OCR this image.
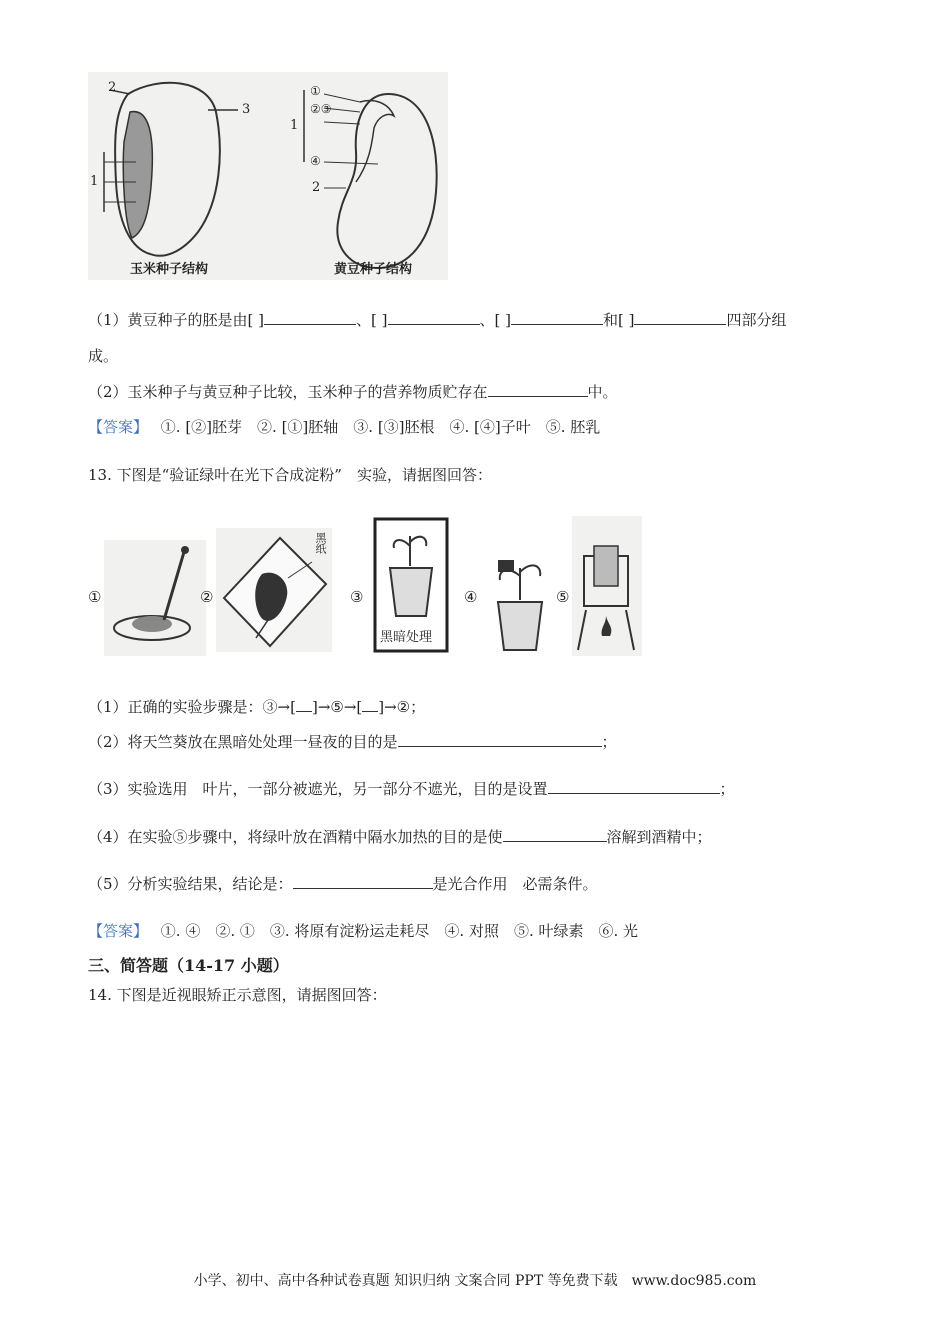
2
3
1
①
②③
1
④
2
玉米种子结构	黄豆种子结构
（1）黄豆种子的胚是由[ ]	、[ ]	、[ ]	和[ ]	四部分组
成。
（2）玉米种子与黄豆种子比较，玉米种子的营养物质贮存在	中。
【答案】 ①. [②]胚芽　②. [①]胚轴　③. [③]胚根　④. [④]子叶　⑤. 胚乳
13. 下图是“验证绿叶在光下合成淀粉”　实验，请据图回答：
①	②
黑纸
③
黑暗处理
④	⑤
（1）正确的实验步骤是：③→[ ]→⑤→[ ]→②；
（2）将天竺葵放在黑暗处处理一昼夜的目的是	；
（3）实验选用　叶片，一部分被遮光，另一部分不遮光，目的是设置	；
（4）在实验⑤步骤中，将绿叶放在酒精中隔水加热的目的是使	溶解到酒精中；
（5）分析实验结果，结论是：	是光合作用　必需条件。
【答案】 ①. ④　②. ①　③. 将原有淀粉运走耗尽　④. 对照　⑤. 叶绿素　⑥. 光
三、简答题（14-17 小题）
14. 下图是近视眼矫正示意图，请据图回答：
小学、初中、高中各种试卷真题 知识归纳 文案合同 PPT 等免费下载　www.doc985.com
